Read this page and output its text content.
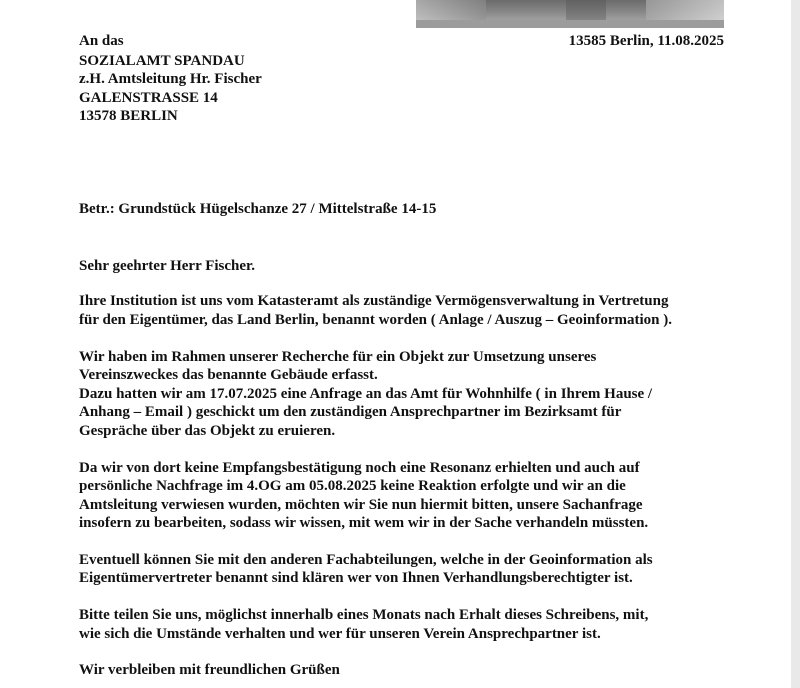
An das
SOZIALAMT SPANDAU
z.H. Amtsleitung Hr. Fischer
GALENSTRASSE 14
13578 BERLIN
13585 Berlin, 11.08.2025
Betr.: Grundstück Hügelschanze 27 / Mittelstraße 14-15
Sehr geehrter Herr Fischer.
Ihre Institution ist uns vom Katasteramt als zuständige Vermögensverwaltung in Vertretung
für den Eigentümer, das Land Berlin, benannt worden ( Anlage / Auszug – Geoinformation ).
Wir haben im Rahmen unserer Recherche für ein Objekt zur Umsetzung unseres
Vereinszweckes das benannte Gebäude erfasst.
Dazu hatten wir am 17.07.2025 eine Anfrage an das Amt für Wohnhilfe ( in Ihrem Hause /
Anhang – Email ) geschickt um den zuständigen Ansprechpartner im Bezirksamt für
Gespräche über das Objekt zu eruieren.
Da wir von dort keine Empfangsbestätigung noch eine Resonanz erhielten und auch auf
persönliche Nachfrage im 4.OG am 05.08.2025 keine Reaktion erfolgte und wir an die
Amtsleitung verwiesen wurden, möchten wir Sie nun hiermit bitten, unsere Sachanfrage
insofern zu bearbeiten, sodass wir wissen, mit wem wir in der Sache verhandeln müssten.
Eventuell können Sie mit den anderen Fachabteilungen, welche in der Geoinformation als
Eigentümervertreter benannt sind klären wer von Ihnen Verhandlungsberechtigter ist.
Bitte teilen Sie uns, möglichst innerhalb eines Monats nach Erhalt dieses Schreibens, mit,
wie sich die Umstände verhalten und wer für unseren Verein Ansprechpartner ist.
Wir verbleiben mit freundlichen Grüßen
